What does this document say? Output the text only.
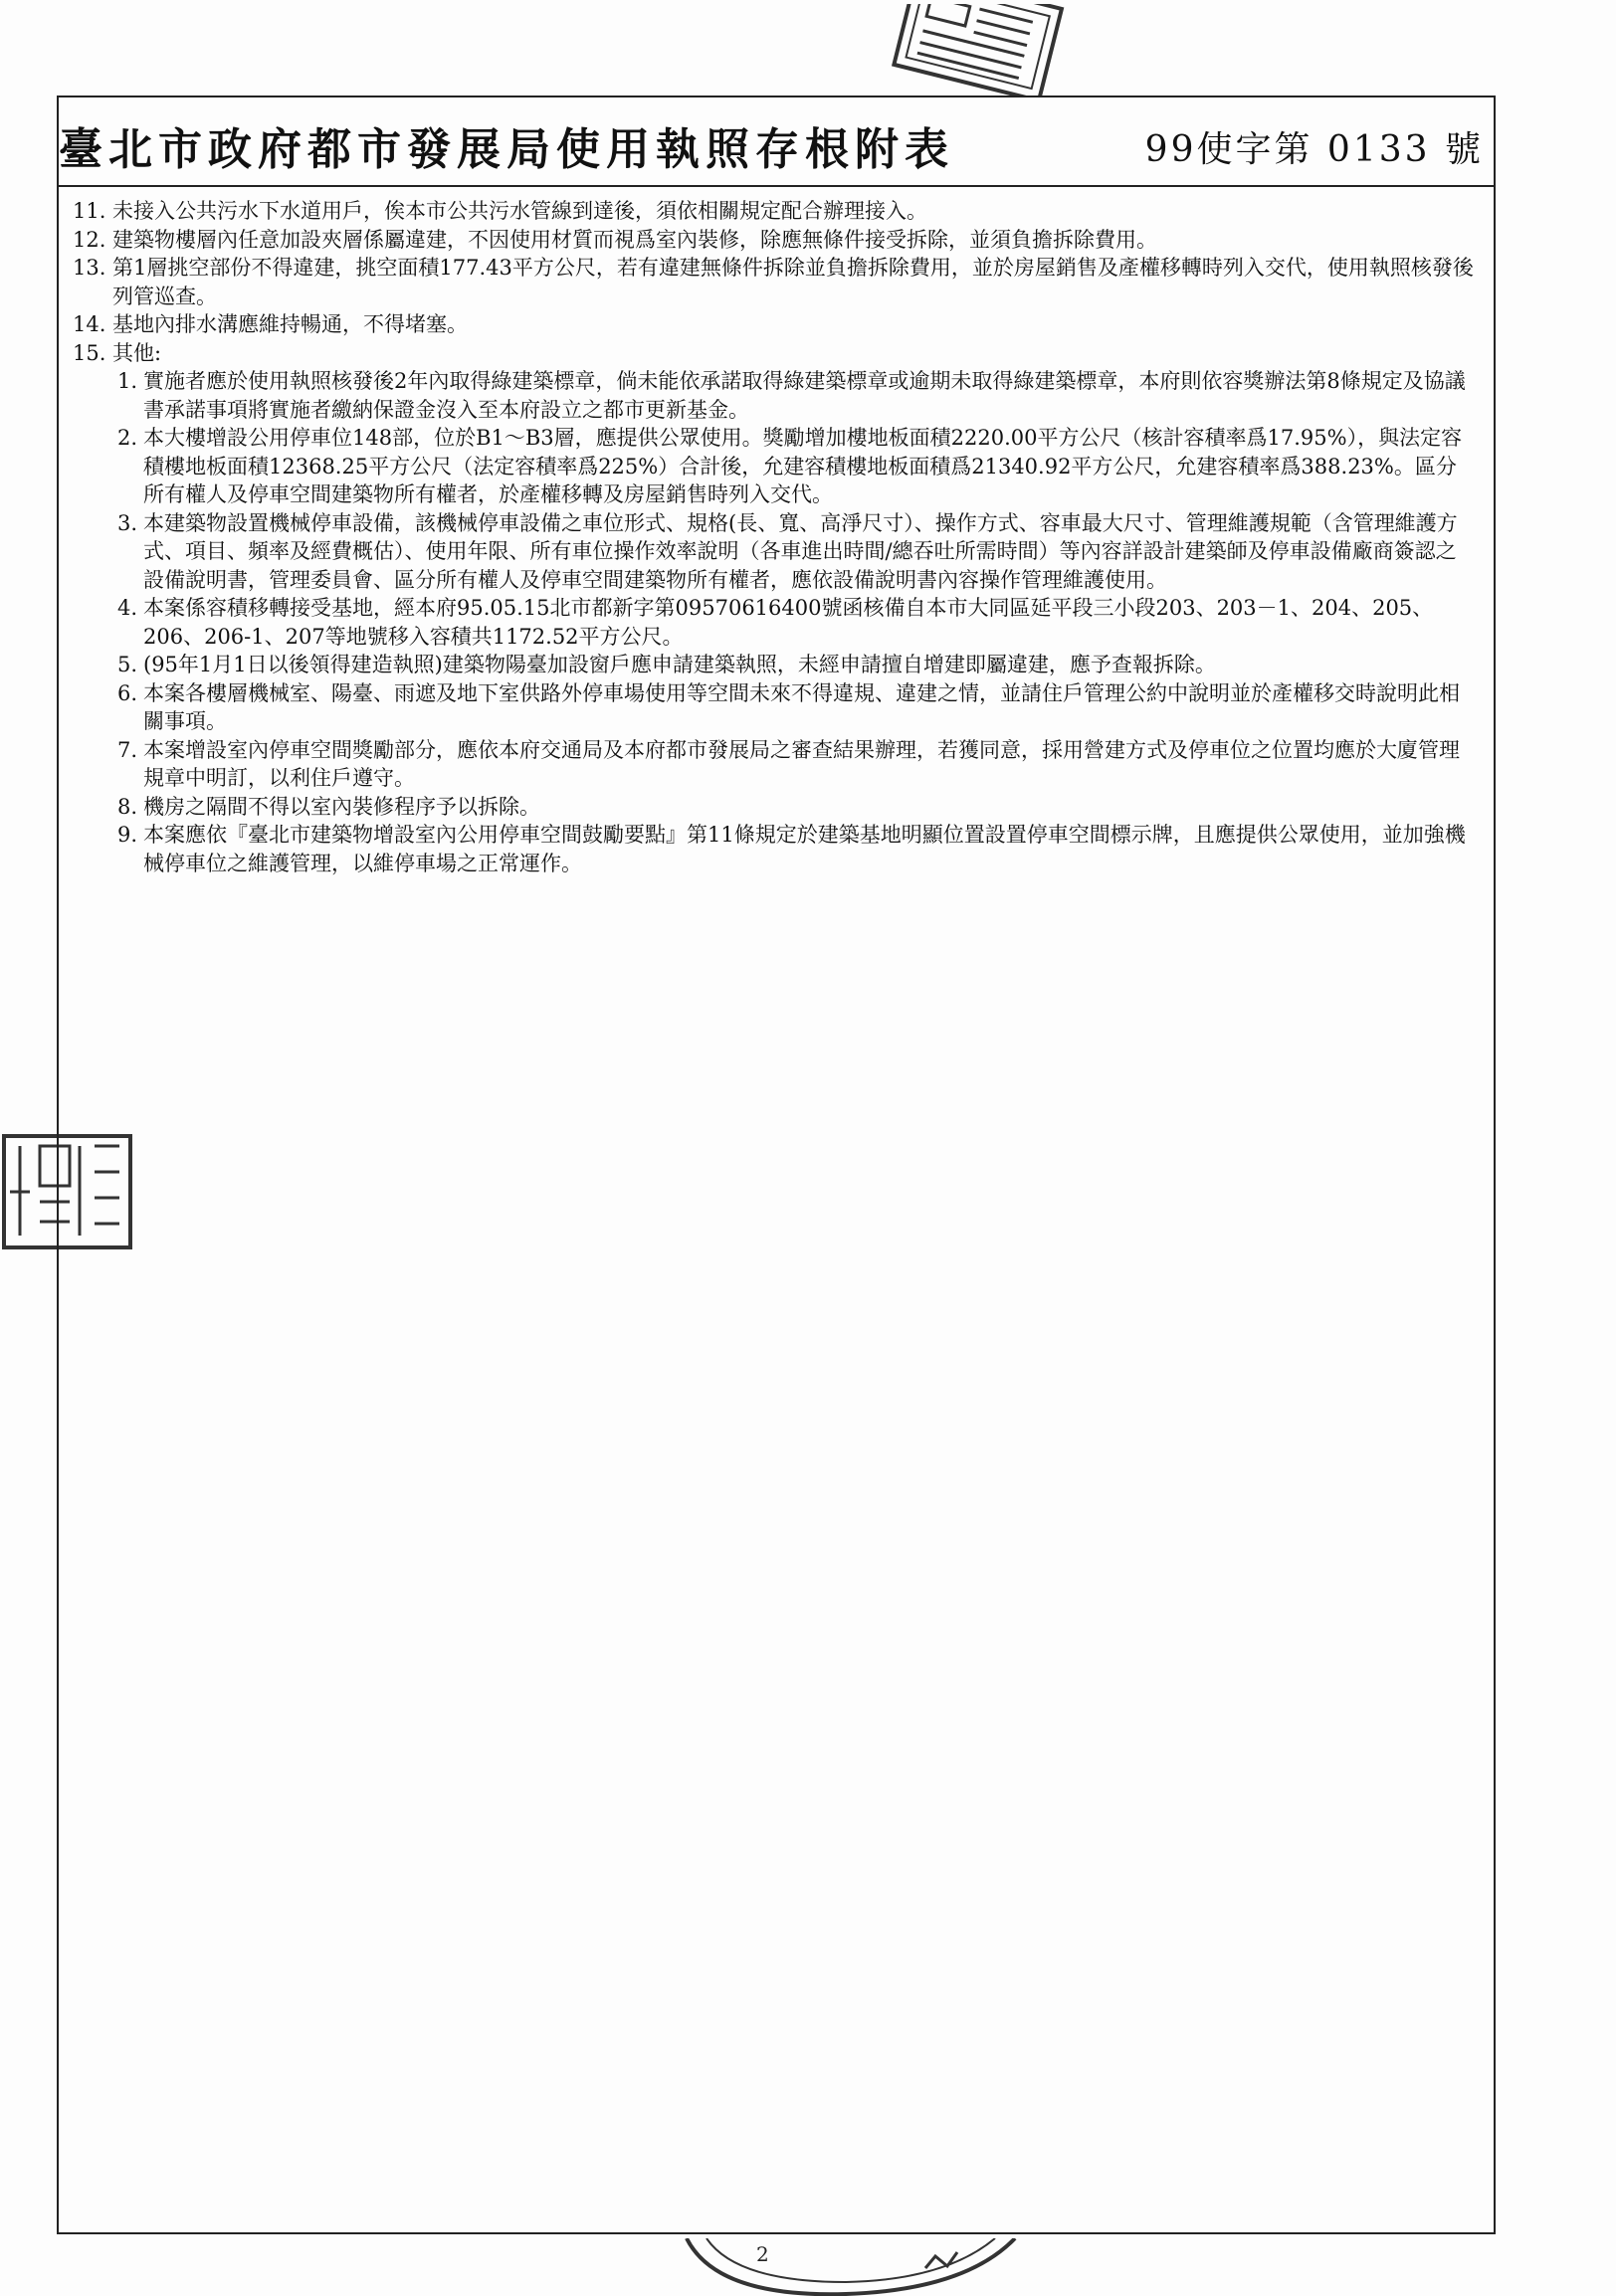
臺北市政府都市發展局使用執照存根附表	99使字第 0133 號
11. 未接入公共污水下水道用戶，俟本市公共污水管線到達後，須依相關規定配合辦理接入。
12. 建築物樓層內任意加設夾層係屬違建，不因使用材質而視爲室內裝修，除應無條件接受拆除，並須負擔拆除費用。
13. 第1層挑空部份不得違建，挑空面積177.43平方公尺，若有違建無條件拆除並負擔拆除費用，並於房屋銷售及產權移轉時列入交代，使用執照核發後列管巡查。
14. 基地內排水溝應維持暢通，不得堵塞。
15. 其他:
1. 實施者應於使用執照核發後2年內取得綠建築標章，倘未能依承諾取得綠建築標章或逾期未取得綠建築標章，本府則依容獎辦法第8條規定及協議書承諾事項將實施者繳納保證金沒入至本府設立之都市更新基金。
2. 本大樓增設公用停車位148部，位於B1～B3層，應提供公眾使用。獎勵增加樓地板面積2220.00平方公尺（核計容積率爲17.95%），與法定容積樓地板面積12368.25平方公尺（法定容積率爲225%）合計後，允建容積樓地板面積爲21340.92平方公尺，允建容積率爲388.23%。區分所有權人及停車空間建築物所有權者，於產權移轉及房屋銷售時列入交代。
3. 本建築物設置機械停車設備，該機械停車設備之車位形式、規格(長、寬、高淨尺寸）、操作方式、容車最大尺寸、管理維護規範（含管理維護方式、項目、頻率及經費概估）、使用年限、所有車位操作效率說明（各車進出時間/總吞吐所需時間）等內容詳設計建築師及停車設備廠商簽認之設備說明書，管理委員會、區分所有權人及停車空間建築物所有權者，應依設備說明書內容操作管理維護使用。
4. 本案係容積移轉接受基地，經本府95.05.15北市都新字第09570616400號函核備自本市大同區延平段三小段203、203－1、204、205、206、206-1、207等地號移入容積共1172.52平方公尺。
5. (95年1月1日以後領得建造執照)建築物陽臺加設窗戶應申請建築執照，未經申請擅自增建即屬違建，應予查報拆除。
6. 本案各樓層機械室、陽臺、雨遮及地下室供路外停車場使用等空間未來不得違規、違建之情，並請住戶管理公約中說明並於產權移交時說明此相關事項。
7. 本案增設室內停車空間獎勵部分，應依本府交通局及本府都市發展局之審查結果辦理，若獲同意，採用營建方式及停車位之位置均應於大廈管理規章中明訂，以利住戶遵守。
8. 機房之隔間不得以室內裝修程序予以拆除。
9. 本案應依『臺北市建築物增設室內公用停車空間鼓勵要點』第11條規定於建築基地明顯位置設置停車空間標示牌，且應提供公眾使用，並加強機械停車位之維護管理，以維停車場之正常運作。
2
